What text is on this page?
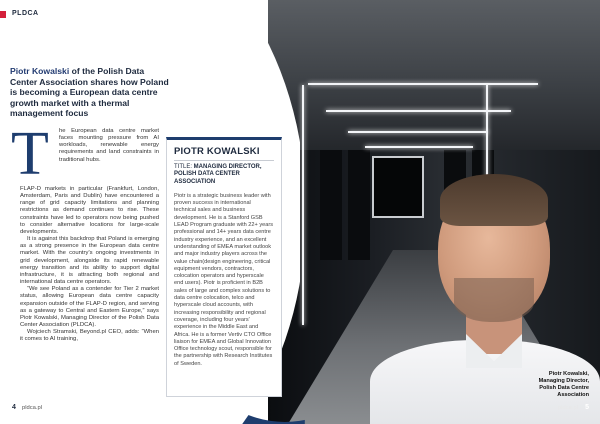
Piotr Kowalski,
Managing Director,
Polish Data Centre
Association
PLDCA
Piotr Kowalski of the Polish Data Center Association shares how Poland is becoming a European data centre growth market with a thermal management focus
T he European data centre market faces mounting pressure from AI workloads, renewable energy requirements and land constraints in traditional hubs.

FLAP-D markets in particular (Frankfurt, London, Amsterdam, Paris and Dublin) have encountered a range of grid capacity limitations and planning restrictions as demand continues to rise. These constraints have led to operators now being pushed to consider alternative locations for large-scale developments.

It is against this backdrop that Poland is emerging as a strong presence in the European data centre market. With the country's ongoing investments in grid development, alongside its rapid renewable energy transition and its ability to support digital infrastructure, it is attracting both regional and international data centre operators.

“We see Poland as a contender for Tier 2 market status, allowing European data centre capacity expansion outside of the FLAP-D region, and serving as a gateway to Central and Eastern Europe,” says Piotr Kowalski, Managing Director of the Polish Data Center Association (PLDCA).

Wojciech Stramski, Beyond.pl CEO, adds: “When it comes to AI training,

PIOTR KOWALSKI
TITLE: MANAGING DIRECTOR, POLISH DATA CENTER ASSOCIATION
Piotr is a strategic business leader with proven success in international technical sales and business development. He is a Stanford GSB LEAD Program graduate with 22+ years professional and 14+ years data centre industry experience, and an excellent understanding of EMEA market outlook and major industry players across the value chain(design engineering, critical equipment vendors, contractors, colocation operators and hyperscale end users). Piotr is proficient in B2B sales of large and complex solutions to data centre colocation, telco and hyperscale cloud accounts, with increasing responsibility and regional coverage, including four years' experience in the Middle East and Africa. He is a former Vertiv CTO Office liaison for EMEA and Global Innovation Office technology scout, responsible for the partnership with Research Institutes of Sweden.
4 pldca.pl	pldca.pl 5
